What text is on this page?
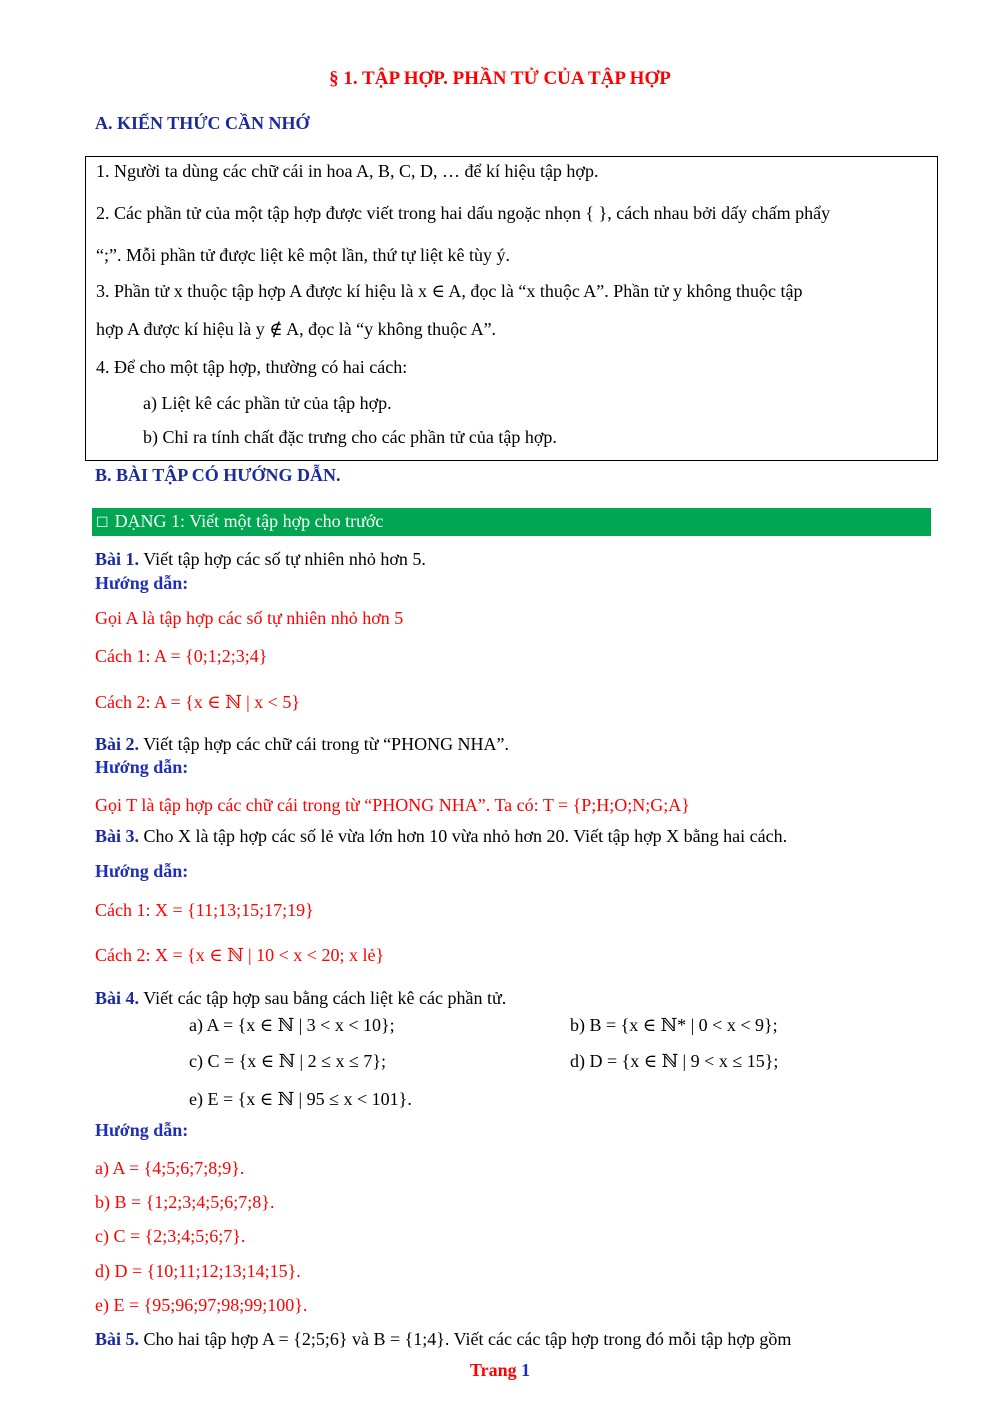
§ 1. TẬP HỢP. PHẦN TỬ CỦA TẬP HỢP
A. KIẾN THỨC CẦN NHỚ
1. Người ta dùng các chữ cái in hoa A, B, C, D, … để kí hiệu tập hợp.
2. Các phần tử của một tập hợp được viết trong hai dấu ngoặc nhọn { }, cách nhau bởi dấy chấm phẩy
“;”. Mỗi phần tử được liệt kê một lần, thứ tự liệt kê tùy ý.
3. Phần tử x thuộc tập hợp A được kí hiệu là x ∈ A, đọc là “x thuộc A”. Phần tử y không thuộc tập
hợp A được kí hiệu là y ∉ A, đọc là “y không thuộc A”.
4. Để cho một tập hợp, thường có hai cách:
a) Liệt kê các phần tử của tập hợp.
b) Chỉ ra tính chất đặc trưng cho các phần tử của tập hợp.
B. BÀI TẬP CÓ HƯỚNG DẪN.
☐ DẠNG 1: Viết một tập hợp cho trước
Bài 1. Viết tập hợp các số tự nhiên nhỏ hơn 5.
Hướng dẫn:
Gọi A là tập hợp các số tự nhiên nhỏ hơn 5
Cách 1: A = {0;1;2;3;4}
Cách 2: A = {x ∈ ℕ | x < 5}
Bài 2. Viết tập hợp các chữ cái trong từ “PHONG NHA”.
Hướng dẫn:
Gọi T là tập hợp các chữ cái trong từ “PHONG NHA”. Ta có: T = {P;H;O;N;G;A}
Bài 3. Cho X là tập hợp các số lẻ vừa lớn hơn 10 vừa nhỏ hơn 20. Viết tập hợp X bằng hai cách.
Hướng dẫn:
Cách 1: X = {11;13;15;17;19}
Cách 2: X = {x ∈ ℕ | 10 < x < 20; x lẻ}
Bài 4. Viết các tập hợp sau bằng cách liệt kê các phần tử.
a) A = {x ∈ ℕ | 3 < x < 10};	b) B = {x ∈ ℕ* | 0 < x < 9};
c) C = {x ∈ ℕ | 2 ≤ x ≤ 7};	d) D = {x ∈ ℕ | 9 < x ≤ 15};
e) E = {x ∈ ℕ | 95 ≤ x < 101}.
Hướng dẫn:
a) A = {4;5;6;7;8;9}.
b) B = {1;2;3;4;5;6;7;8}.
c) C = {2;3;4;5;6;7}.
d) D = {10;11;12;13;14;15}.
e) E = {95;96;97;98;99;100}.
Bài 5. Cho hai tập hợp A = {2;5;6} và B = {1;4}. Viết các các tập hợp trong đó mỗi tập hợp gồm
Trang 1
